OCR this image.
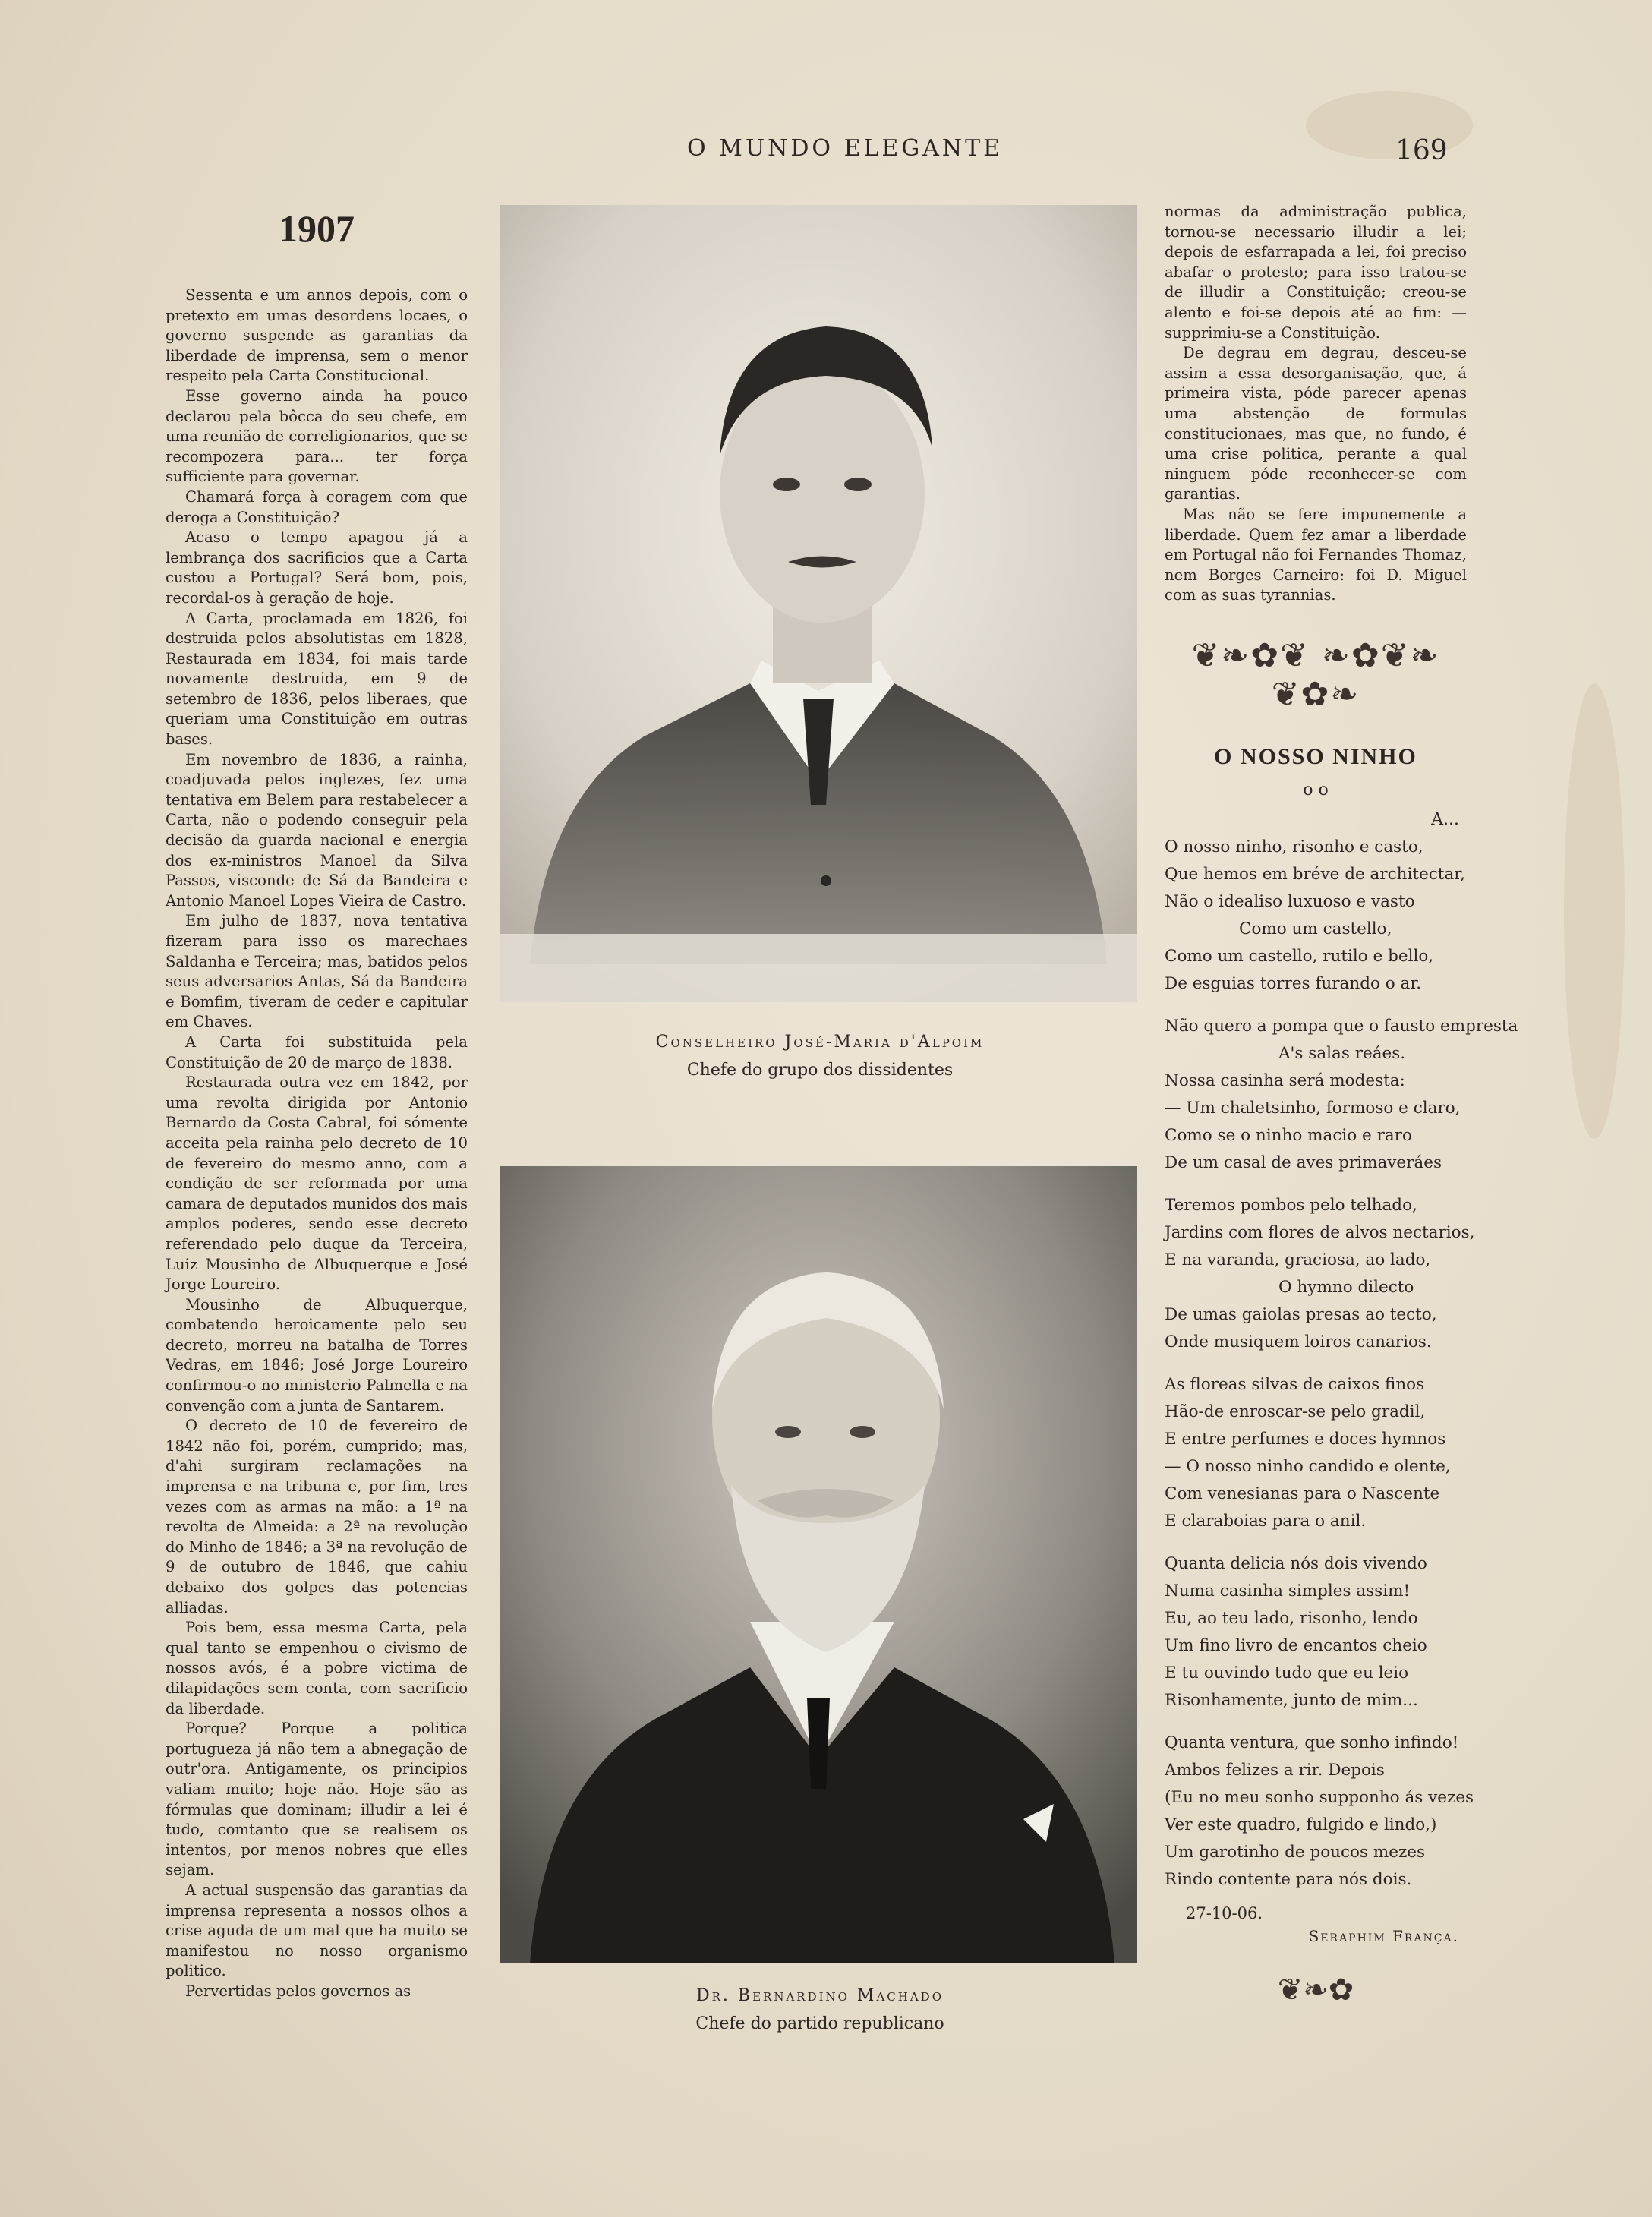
O MUNDO ELEGANTE	169
1907

Sessenta e um annos depois, com o pretexto em umas desordens locaes, o governo suspende as garantias da liberdade de imprensa, sem o menor respeito pela Carta Constitucional.

Esse governo ainda ha pouco declarou pela bôcca do seu chefe, em uma reunião de correligionarios, que se recompozera para... ter força sufficiente para governar.

Chamará força à coragem com que deroga a Constituição?

Acaso o tempo apagou já a lembrança dos sacrificios que a Carta custou a Portugal? Será bom, pois, recordal-os à geração de hoje.

A Carta, proclamada em 1826, foi destruida pelos absolutistas em 1828, Restaurada em 1834, foi mais tarde novamente destruida, em 9 de setembro de 1836, pelos liberaes, que queriam uma Constituição em outras bases.

Em novembro de 1836, a rainha, coadjuvada pelos inglezes, fez uma tentativa em Belem para restabelecer a Carta, não o podendo conseguir pela decisão da guarda nacional e energia dos ex-ministros Manoel da Silva Passos, visconde de Sá da Bandeira e Antonio Manoel Lopes Vieira de Castro.

Em julho de 1837, nova tentativa fizeram para isso os marechaes Saldanha e Terceira; mas, batidos pelos seus adversarios Antas, Sá da Bandeira e Bomfim, tiveram de ceder e capitular em Chaves.

A Carta foi substituida pela Constituição de 20 de março de 1838.

Restaurada outra vez em 1842, por uma revolta dirigida por Antonio Bernardo da Costa Cabral, foi sómente acceita pela rainha pelo decreto de 10 de fevereiro do mesmo anno, com a condição de ser reformada por uma camara de deputados munidos dos mais amplos poderes, sendo esse decreto referendado pelo duque da Terceira, Luiz Mousinho de Albuquerque e José Jorge Loureiro.

Mousinho de Albuquerque, combatendo heroicamente pelo seu decreto, morreu na batalha de Torres Vedras, em 1846; José Jorge Loureiro confirmou-o no ministerio Palmella e na convenção com a junta de Santarem.

O decreto de 10 de fevereiro de 1842 não foi, porém, cumprido; mas, d'ahi surgiram reclamações na imprensa e na tribuna e, por fim, tres vezes com as armas na mão: a 1ª na revolta de Almeida: a 2ª na revolução do Minho de 1846; a 3ª na revolução de 9 de outubro de 1846, que cahiu debaixo dos golpes das potencias alliadas.

Pois bem, essa mesma Carta, pela qual tanto se empenhou o civismo de nossos avós, é a pobre victima de dilapidações sem conta, com sacrificio da liberdade.

Porque? Porque a politica portugueza já não tem a abnegação de outr'ora. Antigamente, os principios valiam muito; hoje não. Hoje são as fórmulas que dominam; illudir a lei é tudo, comtanto que se realisem os intentos, por menos nobres que elles sejam.

A actual suspensão das garantias da imprensa representa a nossos olhos a crise aguda de um mal que ha muito se manifestou no nosso organismo politico.

Pervertidas pelos governos as

Conselheiro José-Maria d'Alpoim
Chefe do grupo dos dissidentes
Dr. Bernardino Machado
Chefe do partido republicano

normas da administração publica, tornou-se necessario illudir a lei; depois de esfarrapada a lei, foi preciso abafar o protesto; para isso tratou-se de illudir a Constituição; creou-se alento e foi-se depois até ao fim: — supprimiu-se a Constituição.

De degrau em degrau, desceu-se assim a essa desorganisação, que, á primeira vista, póde parecer apenas uma abstenção de formulas constitucionaes, mas que, no fundo, é uma crise politica, perante a qual ninguem póde reconhecer-se com garantias.

Mas não se fere impunemente a liberdade. Quem fez amar a liberdade em Portugal não foi Fernandes Thomaz, nem Borges Carneiro: foi D. Miguel com as suas tyrannias.

❦❧✿❦ ❧✿❦❧ ❦✿❧
O NOSSO NINHO
o o
A...
O nosso ninho, risonho e casto,
Que hemos em bréve de architectar,
Não o idealiso luxuoso e vasto
Como um castello,
Como um castello, rutilo e bello,
De esguias torres furando o ar.
Não quero a pompa que o fausto empresta
A's salas reáes.
Nossa casinha será modesta:
— Um chaletsinho, formoso e claro,
Como se o ninho macio e raro
De um casal de aves primaveráes
Teremos pombos pelo telhado,
Jardins com flores de alvos nectarios,
E na varanda, graciosa, ao lado,
O hymno dilecto
De umas gaiolas presas ao tecto,
Onde musiquem loiros canarios.
As floreas silvas de caixos finos
Hão-de enroscar-se pelo gradil,
E entre perfumes e doces hymnos
— O nosso ninho candido e olente,
Com venesianas para o Nascente
E claraboias para o anil.
Quanta delicia nós dois vivendo
Numa casinha simples assim!
Eu, ao teu lado, risonho, lendo
Um fino livro de encantos cheio
E tu ouvindo tudo que eu leio
Risonhamente, junto de mim...
Quanta ventura, que sonho infindo!
Ambos felizes a rir. Depois
(Eu no meu sonho supponho ás vezes
Ver este quadro, fulgido e lindo,)
Um garotinho de poucos mezes
Rindo contente para nós dois.
27-10-06.
Seraphim França.
❦❧✿
